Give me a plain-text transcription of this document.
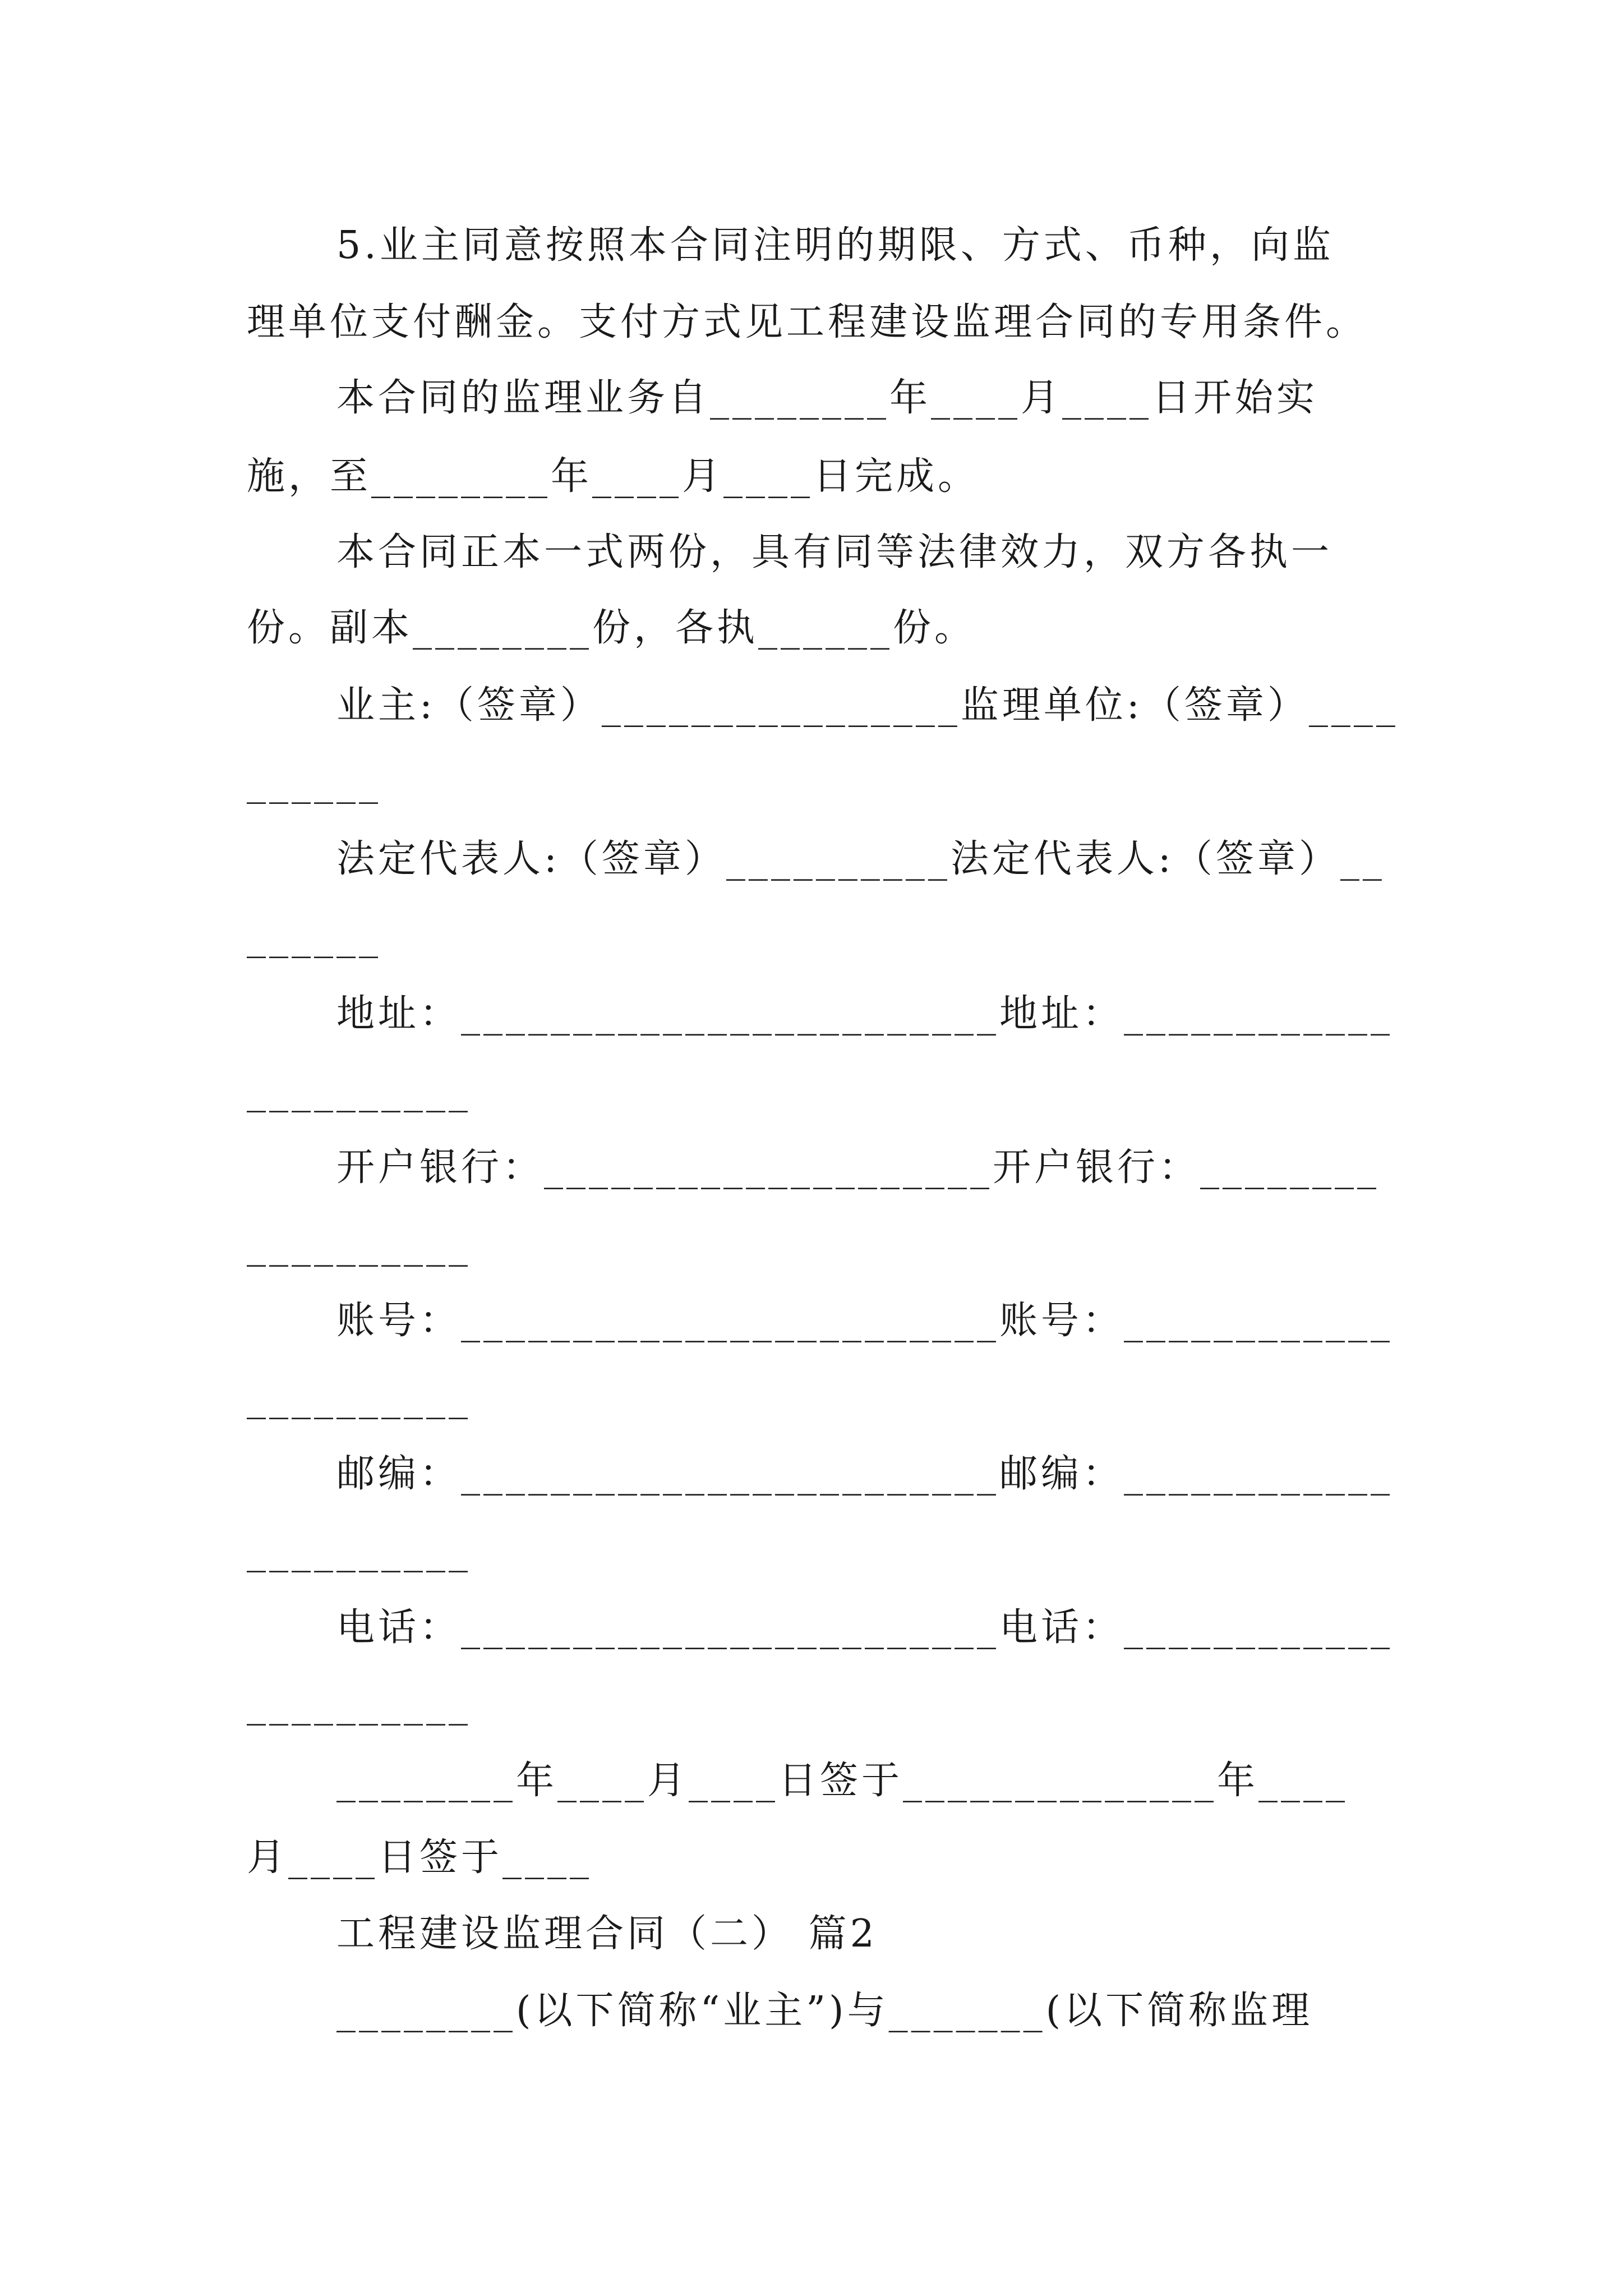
5.业主同意按照本合同注明的期限、方式、币种，向监
理单位支付酬金。支付方式见工程建设监理合同的专用条件。
本合同的监理业务自________年____月____日开始实
施，至________年____月____日完成。
本合同正本一式两份，具有同等法律效力，双方各执一
份。副本________份，各执______份。
业主:（签章）________________监理单位:（签章）____
______
法定代表人:（签章）__________法定代表人:（签章）__
______
地址：________________________地址：____________
__________
开户银行：____________________开户银行：________
__________
账号：________________________账号：____________
__________
邮编：________________________邮编：____________
__________
电话：________________________电话：____________
__________
________年____月____日签于______________年____
月____日签于____
工程建设监理合同（二） 篇2
________(以下简称“业主”)与_______(以下简称监理
